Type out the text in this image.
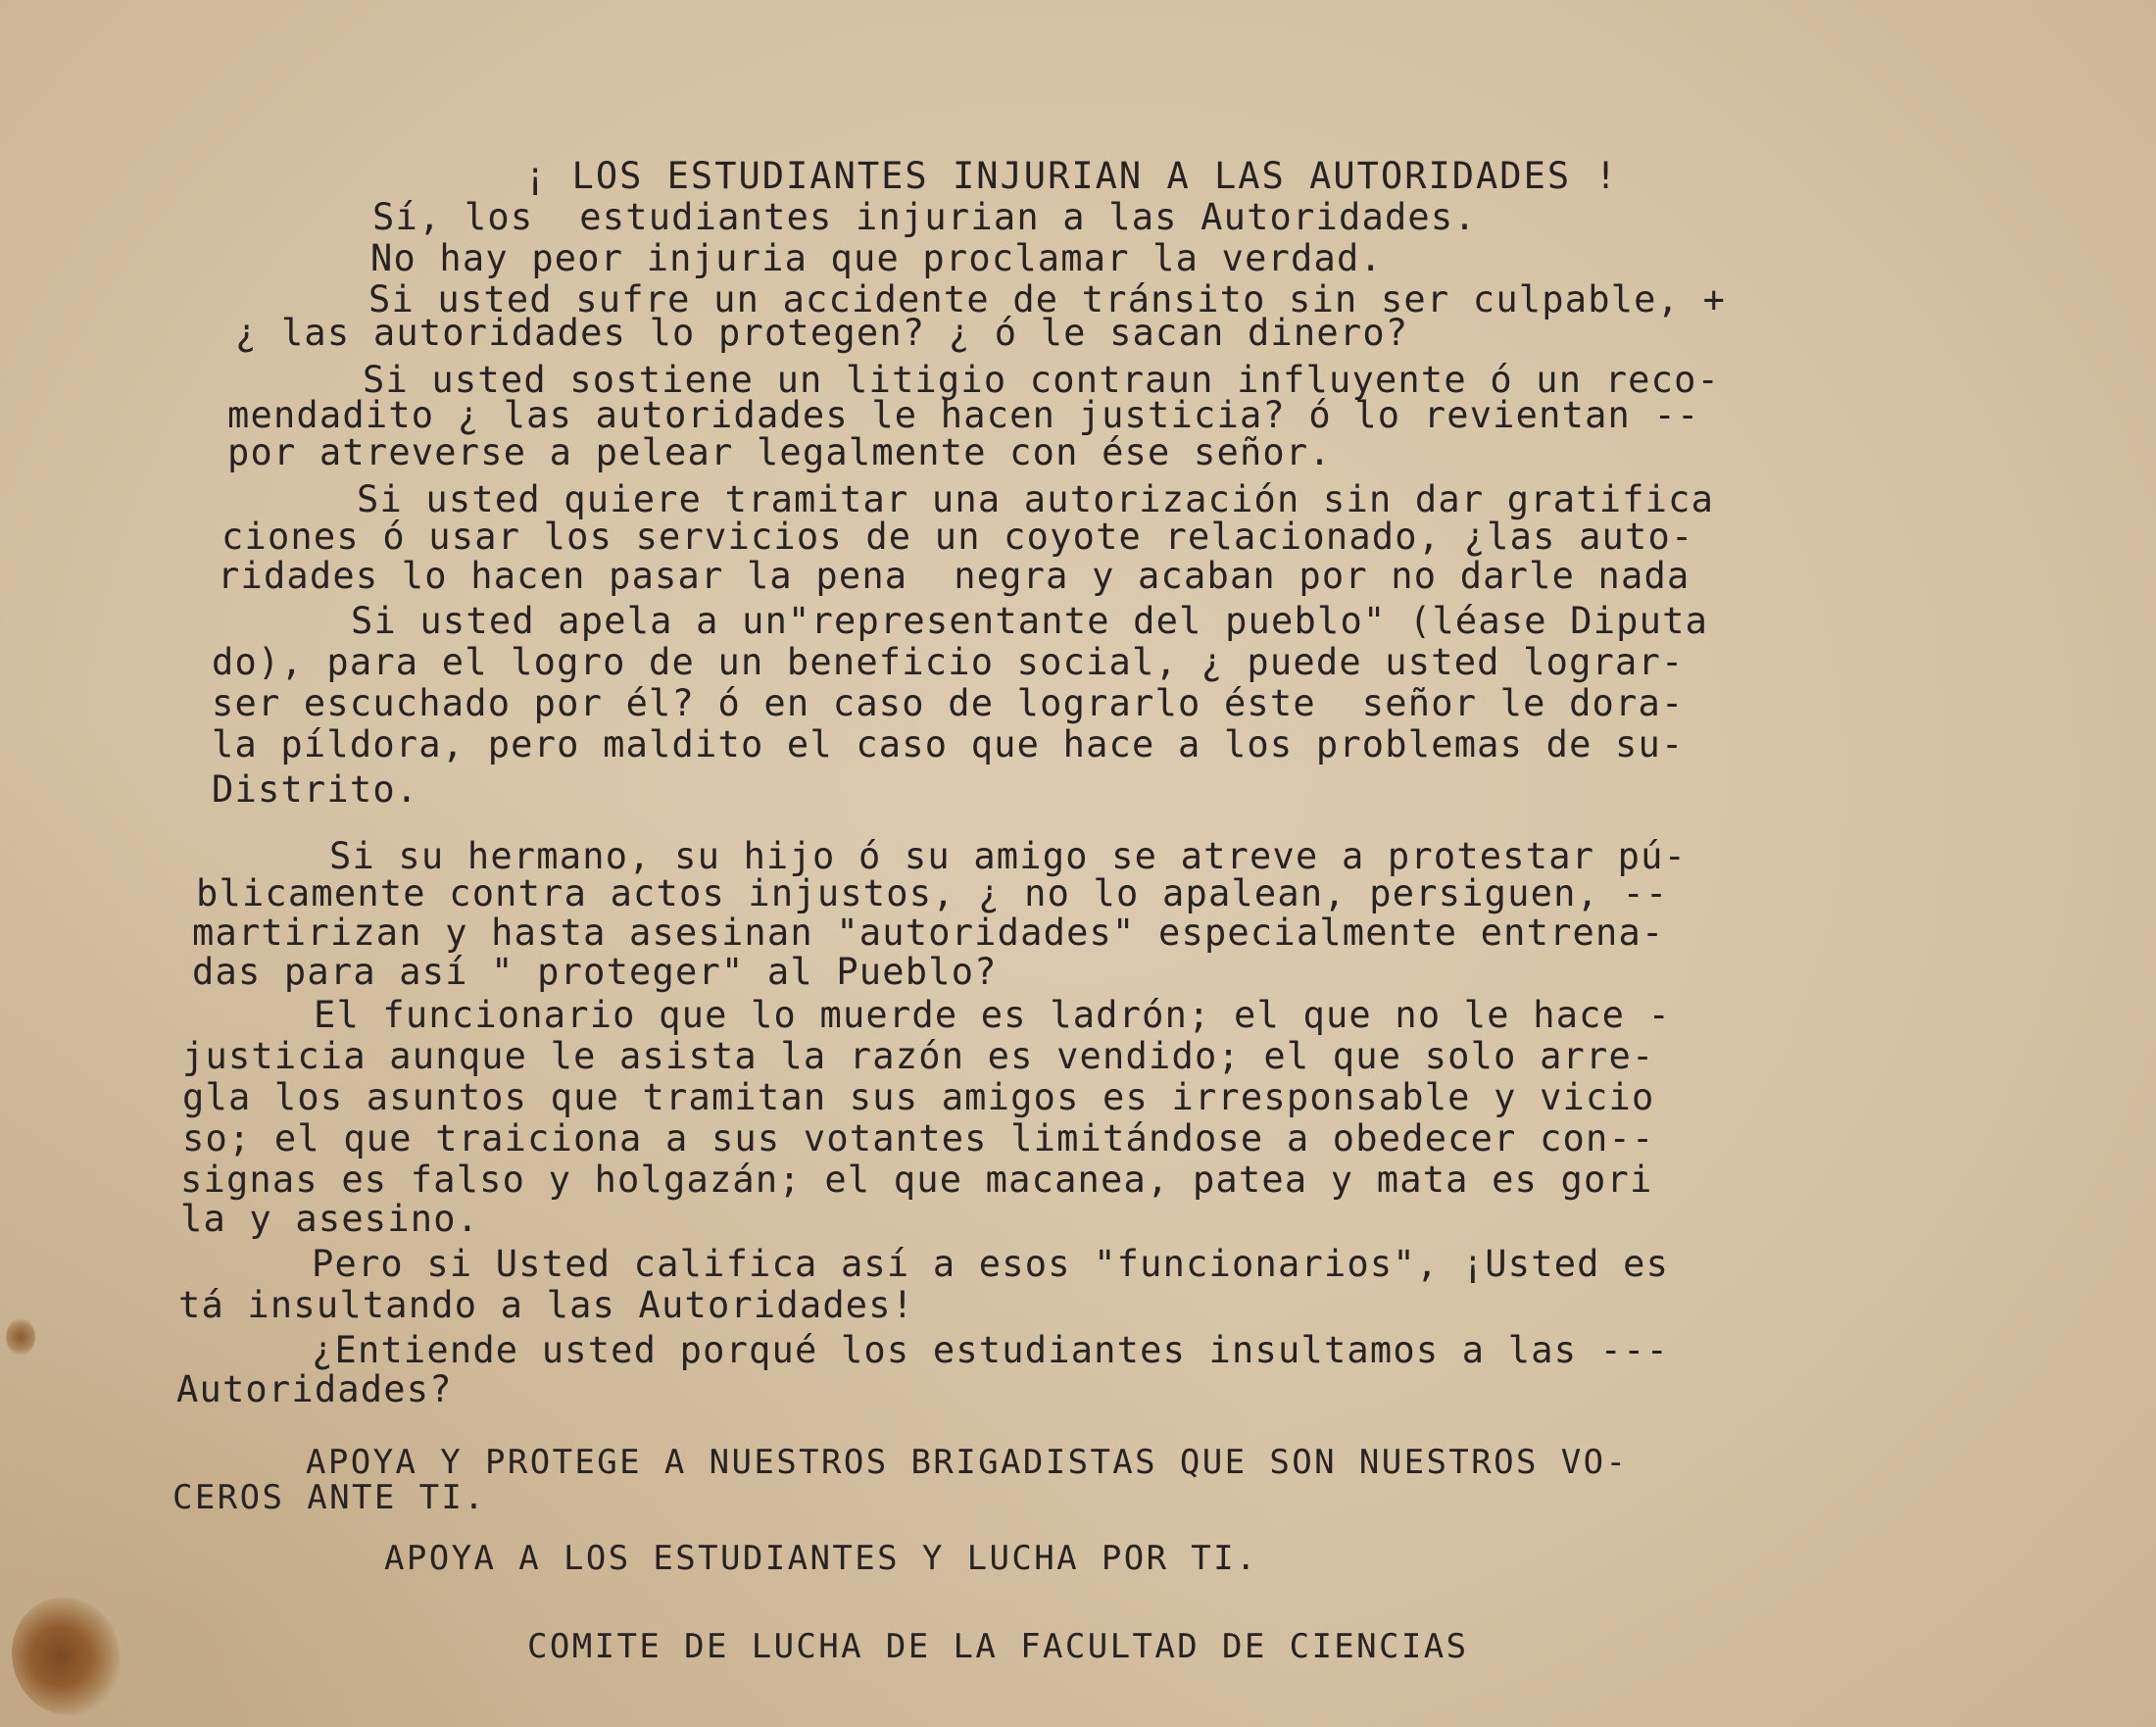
¡ LOS ESTUDIANTES INJURIAN A LAS AUTORIDADES !
Sí, los  estudiantes injurian a las Autoridades.
No hay peor injuria que proclamar la verdad.
Si usted sufre un accidente de tránsito sin ser culpable, +
¿ las autoridades lo protegen? ¿ ó le sacan dinero?
Si usted sostiene un litigio contraun influyente ó un reco-
mendadito ¿ las autoridades le hacen justicia? ó lo revientan --
por atreverse a pelear legalmente con ése señor.
Si usted quiere tramitar una autorización sin dar gratifica
ciones ó usar los servicios de un coyote relacionado, ¿las auto-
ridades lo hacen pasar la pena  negra y acaban por no darle nada
Si usted apela a un"representante del pueblo" (léase Diputa
do), para el logro de un beneficio social, ¿ puede usted lograr-
ser escuchado por él? ó en caso de lograrlo éste  señor le dora-
la píldora, pero maldito el caso que hace a los problemas de su-
Distrito.
Si su hermano, su hijo ó su amigo se atreve a protestar pú-
blicamente contra actos injustos, ¿ no lo apalean, persiguen, --
martirizan y hasta asesinan "autoridades" especialmente entrena-
das para así " proteger" al Pueblo?
El funcionario que lo muerde es ladrón; el que no le hace -
justicia aunque le asista la razón es vendido; el que solo arre-
gla los asuntos que tramitan sus amigos es irresponsable y vicio
so; el que traiciona a sus votantes limitándose a obedecer con--
signas es falso y holgazán; el que macanea, patea y mata es gori
la y asesino.
Pero si Usted califica así a esos "funcionarios", ¡Usted es
tá insultando a las Autoridades!
¿Entiende usted porqué los estudiantes insultamos a las ---
Autoridades?
APOYA Y PROTEGE A NUESTROS BRIGADISTAS QUE SON NUESTROS VO-
CEROS ANTE TI.
APOYA A LOS ESTUDIANTES Y LUCHA POR TI.
COMITE DE LUCHA DE LA FACULTAD DE CIENCIAS
